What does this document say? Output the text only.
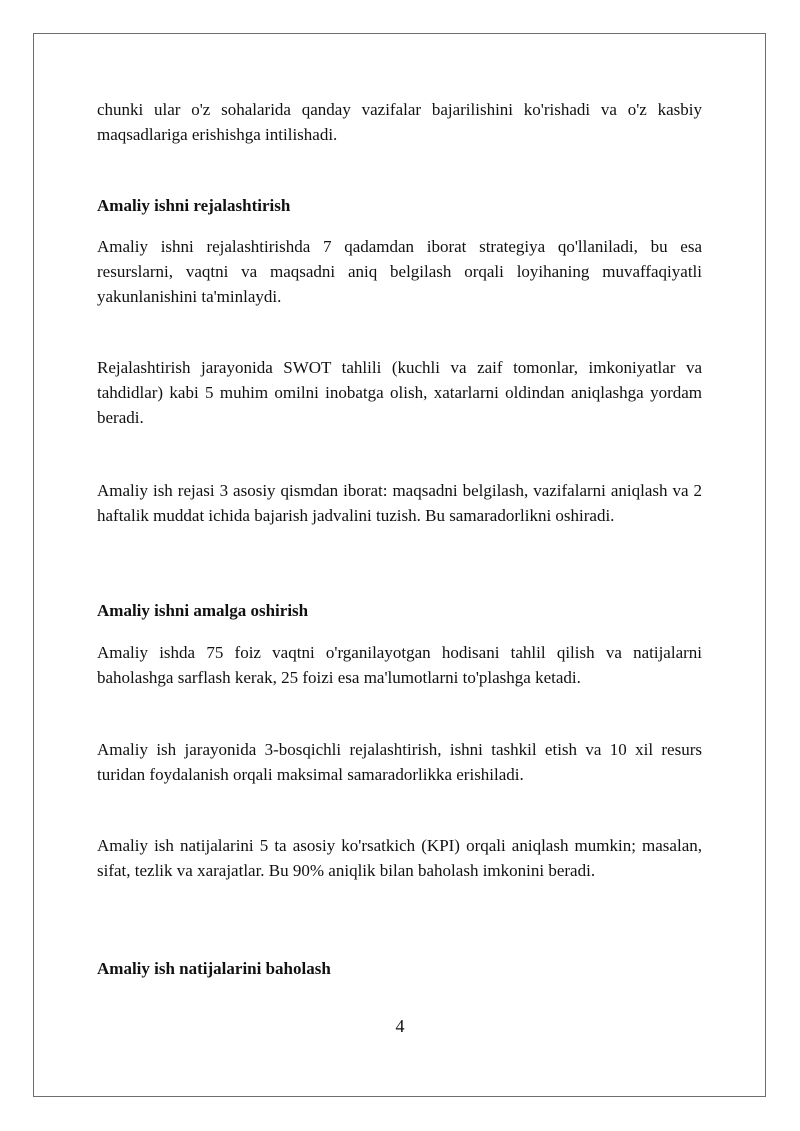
chunki ular o'z sohalarida qanday vazifalar bajarilishini ko'rishadi va o'z kasbiy maqsadlariga erishishga intilishadi.

Amaliy ishni rejalashtirish

Amaliy ishni rejalashtirishda 7 qadamdan iborat strategiya qo'llaniladi, bu esa resurslarni, vaqtni va maqsadni aniq belgilash orqali loyihaning muvaffaqiyatli yakunlanishini ta'minlaydi.

Rejalashtirish jarayonida SWOT tahlili (kuchli va zaif tomonlar, imkoniyatlar va tahdidlar) kabi 5 muhim omilni inobatga olish, xatarlarni oldindan aniqlashga yordam beradi.

Amaliy ish rejasi 3 asosiy qismdan iborat: maqsadni belgilash, vazifalarni aniqlash va 2 haftalik muddat ichida bajarish jadvalini tuzish. Bu samaradorlikni oshiradi.

Amaliy ishni amalga oshirish

Amaliy ishda 75 foiz vaqtni o'rganilayotgan hodisani tahlil qilish va natijalarni baholashga sarflash kerak, 25 foizi esa ma'lumotlarni to'plashga ketadi.

Amaliy ish jarayonida 3-bosqichli rejalashtirish, ishni tashkil etish va 10 xil resurs turidan foydalanish orqali maksimal samaradorlikka erishiladi.

Amaliy ish natijalarini 5 ta asosiy ko'rsatkich (KPI) orqali aniqlash mumkin; masalan, sifat, tezlik va xarajatlar. Bu 90% aniqlik bilan baholash imkonini beradi.

Amaliy ish natijalarini baholash

4
